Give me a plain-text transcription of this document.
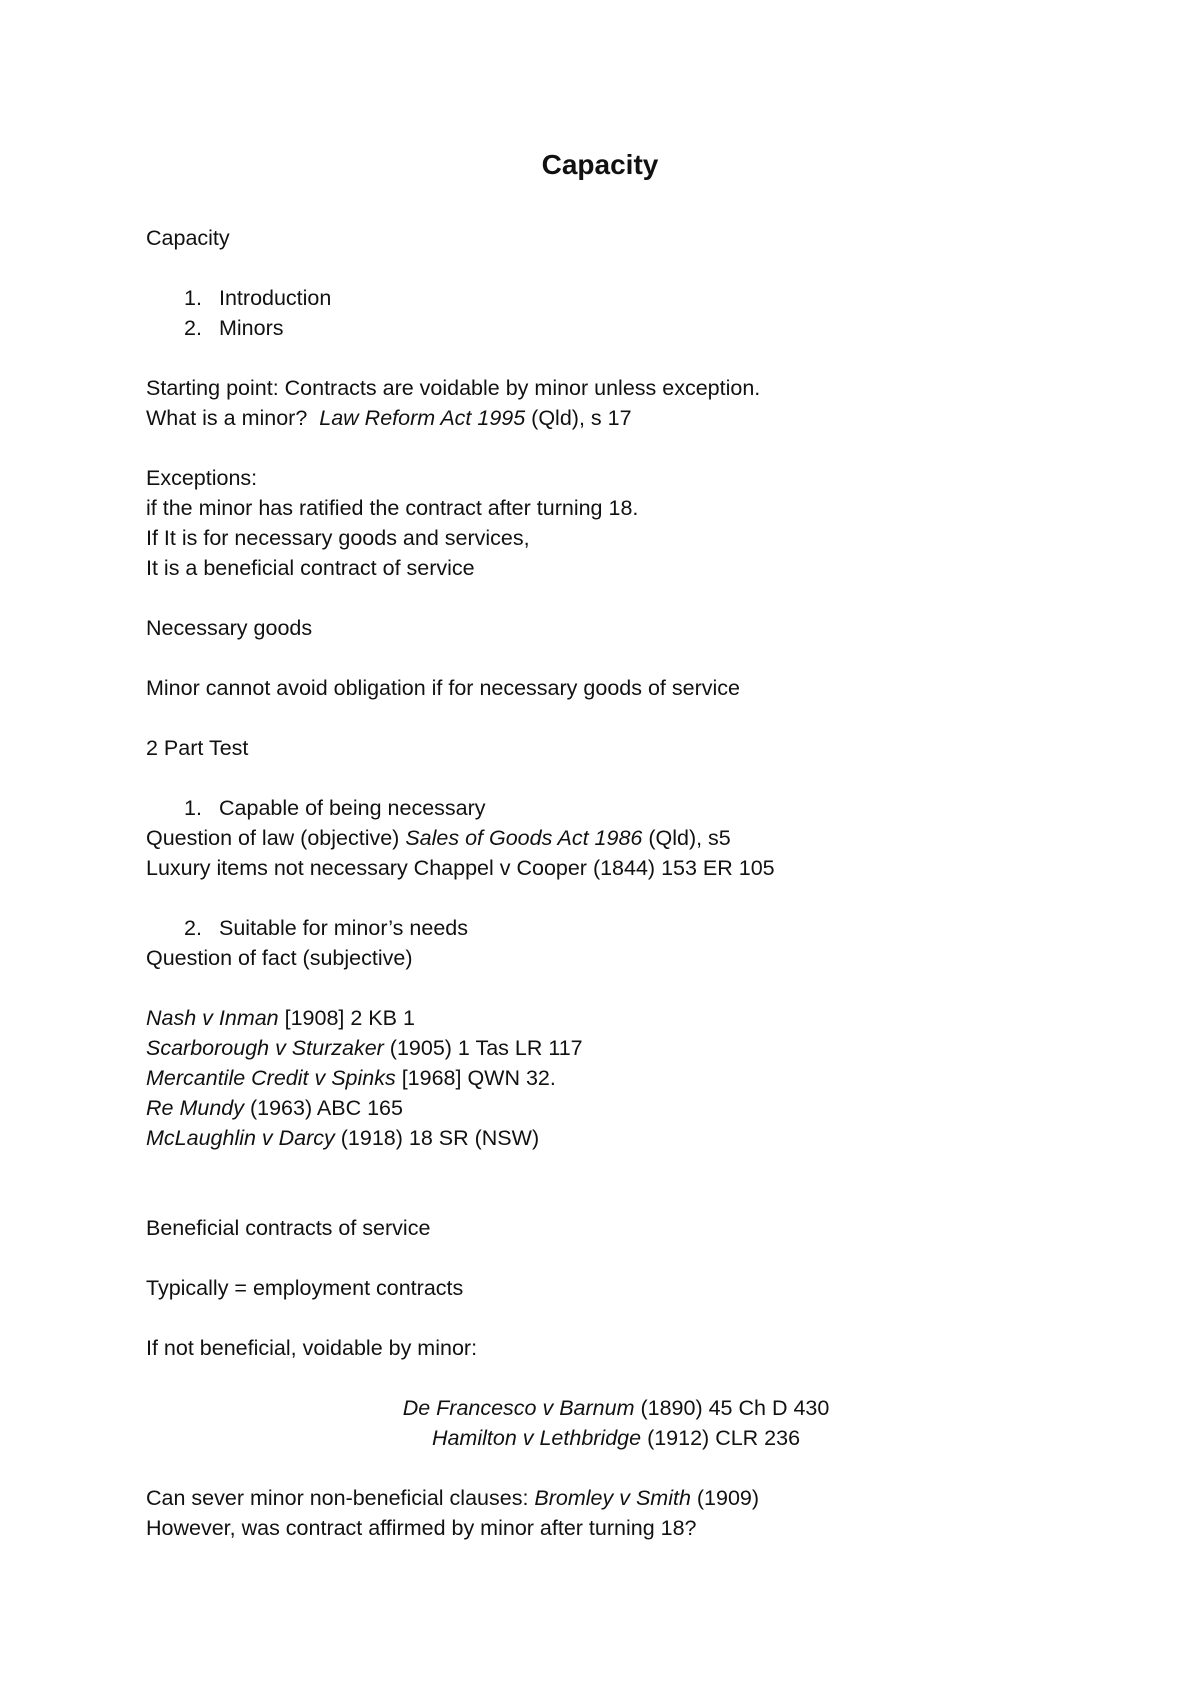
Capacity
Capacity
1. Introduction
2. Minors
Starting point: Contracts are voidable by minor unless exception.
What is a minor?  Law Reform Act 1995 (Qld), s 17
Exceptions:
if the minor has ratified the contract after turning 18.
If It is for necessary goods and services,
It is a beneficial contract of service
Necessary goods
Minor cannot avoid obligation if for necessary goods of service
2 Part Test
1. Capable of being necessary
Question of law (objective) Sales of Goods Act 1986 (Qld), s5
Luxury items not necessary Chappel v Cooper (1844) 153 ER 105
2. Suitable for minor’s needs
Question of fact (subjective)
Nash v Inman [1908] 2 KB 1
Scarborough v Sturzaker (1905) 1 Tas LR 117
Mercantile Credit v Spinks [1968] QWN 32.
Re Mundy (1963) ABC 165
McLaughlin v Darcy (1918) 18 SR (NSW)
Beneficial contracts of service
Typically = employment contracts
If not beneficial, voidable by minor:
De Francesco v Barnum (1890) 45 Ch D 430
Hamilton v Lethbridge (1912) CLR 236
Can sever minor non-beneficial clauses: Bromley v Smith (1909)
However, was contract affirmed by minor after turning 18?
